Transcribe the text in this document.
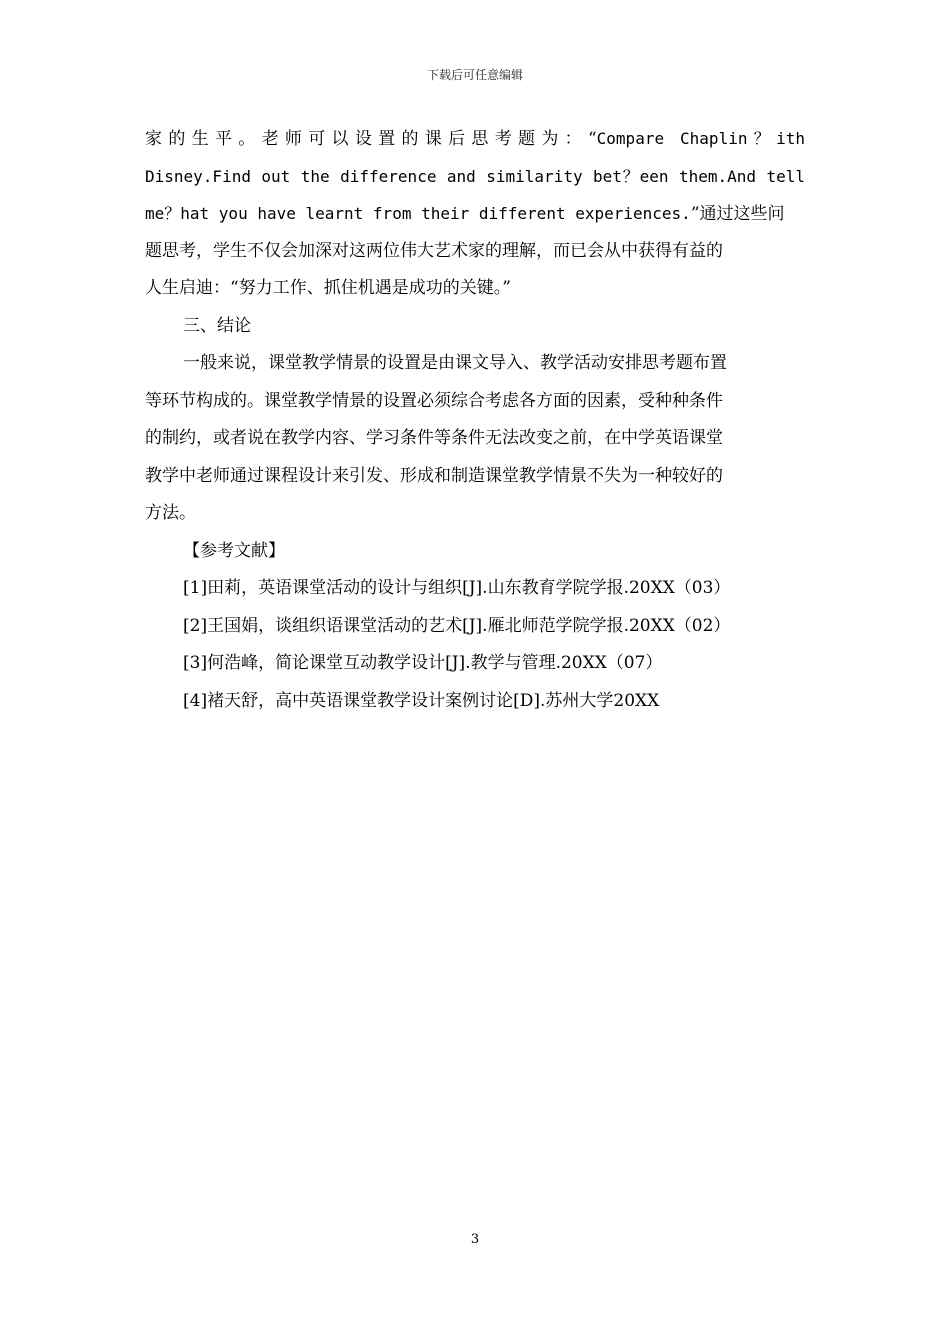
下载后可任意编辑
家的生平。老师可以设置的课后思考题为：“Compare Chaplin？ith
Disney.Find out the difference and similarity bet？een them.And tell
me？hat you have learnt from their different experiences.”通过这些问
题思考，学生不仅会加深对这两位伟大艺术家的理解，而已会从中获得有益的
人生启迪：“努力工作、抓住机遇是成功的关键。”
三、结论
一般来说，课堂教学情景的设置是由课文导入、教学活动安排思考题布置
等环节构成的。课堂教学情景的设置必须综合考虑各方面的因素，受种种条件
的制约，或者说在教学内容、学习条件等条件无法改变之前，在中学英语课堂
教学中老师通过课程设计来引发、形成和制造课堂教学情景不失为一种较好的
方法。
【参考文献】
[1]田莉，英语课堂活动的设计与组织[J].山东教育学院学报.20XX（03）
[2]王国娟，谈组织语课堂活动的艺术[J].雁北师范学院学报.20XX（02）
[3]何浩峰，简论课堂互动教学设计[J].教学与管理.20XX（07）
[4]褚天舒，高中英语课堂教学设计案例讨论[D].苏州大学20XX
3
